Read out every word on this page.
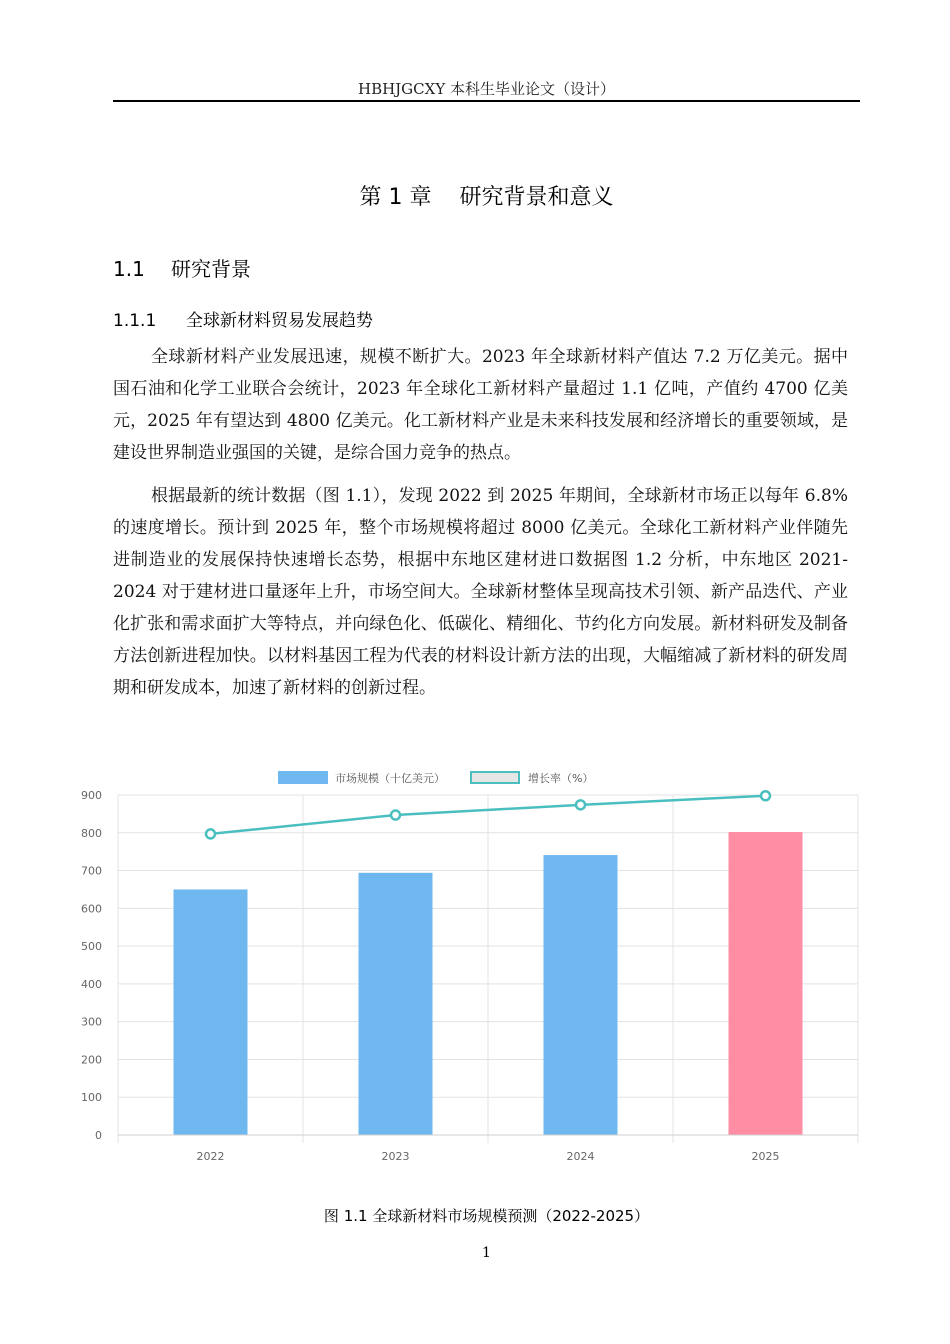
HBHJGCXY 本科生毕业论文（设计）
第 1 章 研究背景和意义
1.1 研究背景
1.1.1 全球新材料贸易发展趋势

全球新材料产业发展迅速，规模不断扩大。2023 年全球新材料产值达 7.2 万亿美元。据中国石油和化学工业联合会统计，2023 年全球化工新材料产量超过 1.1 亿吨，产值约 4700 亿美元，2025 年有望达到 4800 亿美元。化工新材料产业是未来科技发展和经济增长的重要领域，是建设世界制造业强国的关键，是综合国力竞争的热点。

根据最新的统计数据（图 1.1），发现 2022 到 2025 年期间，全球新材市场正以每年 6.8%的速度增长。预计到 2025 年，整个市场规模将超过 8000 亿美元。全球化工新材料产业伴随先进制造业的发展保持快速增长态势，根据中东地区建材进口数据图 1.2 分析，中东地区 2021-2024 对于建材进口量逐年上升，市场空间大。全球新材整体呈现高技术引领、新产品迭代、产业化扩张和需求面扩大等特点，并向绿色化、低碳化、精细化、节约化方向发展。新材料研发及制备方法创新进程加快。以材料基因工程为代表的材料设计新方法的出现，大幅缩减了新材料的研发周期和研发成本，加速了新材料的创新过程。

0
100
200
300
400
500
600
700
800
900
2022	2023	2024	2025
市场规模（十亿美元）	增长率（%）
图 1.1 全球新材料市场规模预测（2022-2025）
1
